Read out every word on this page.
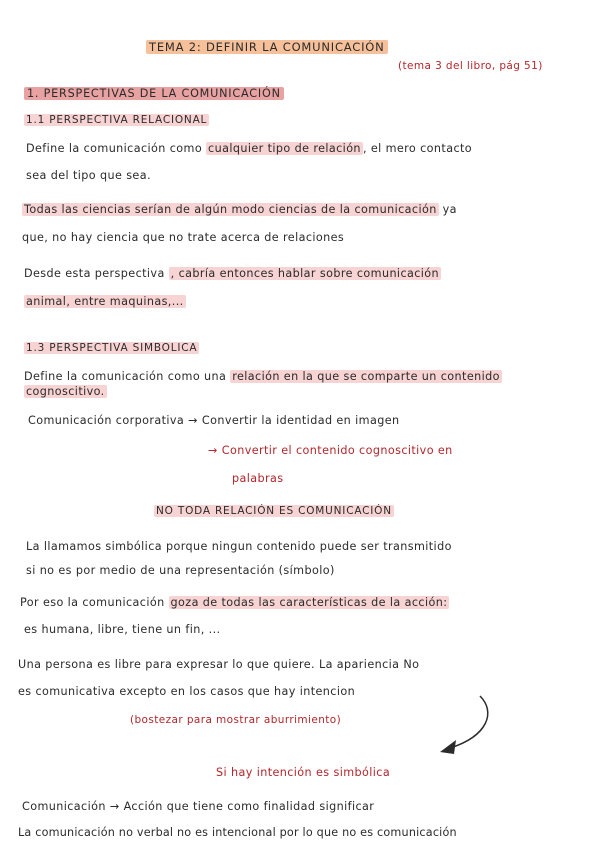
TEMA 2: DEFINIR LA COMUNICACIÓN
(tema 3 del libro, pág 51)
1. PERSPECTIVAS DE LA COMUNICACIÓN
1.1 PERSPECTIVA RELACIONAL
Define la comunicación como cualquier tipo de relación , el mero contacto
sea del tipo que sea.
Todas las ciencias serían de algún modo ciencias de la comunicación ya
que, no hay ciencia que no trate acerca de relaciones
Desde esta perspectiva , cabría entonces hablar sobre comunicación
animal, entre maquinas,...
1.3 PERSPECTIVA SIMBOLICA
Define la comunicación como una relación en la que se comparte un contenido
cognoscitivo.
Comunicación corporativa → Convertir la identidad en imagen
→ Convertir el contenido cognoscitivo en
palabras
NO TODA RELACIÓN ES COMUNICACIÓN
La llamamos simbólica porque ningun contenido puede ser transmitido
si no es por medio de una representación (símbolo)
Por eso la comunicación goza de todas las características de la acción:
es humana, libre, tiene un fin, ...
Una persona es libre para expresar lo que quiere. La apariencia No
es comunicativa excepto en los casos que hay intencion
(bostezar para mostrar aburrimiento)
Si hay intención es simbólica
Comunicación → Acción que tiene como finalidad significar
La comunicación no verbal no es intencional por lo que no es comunicación
